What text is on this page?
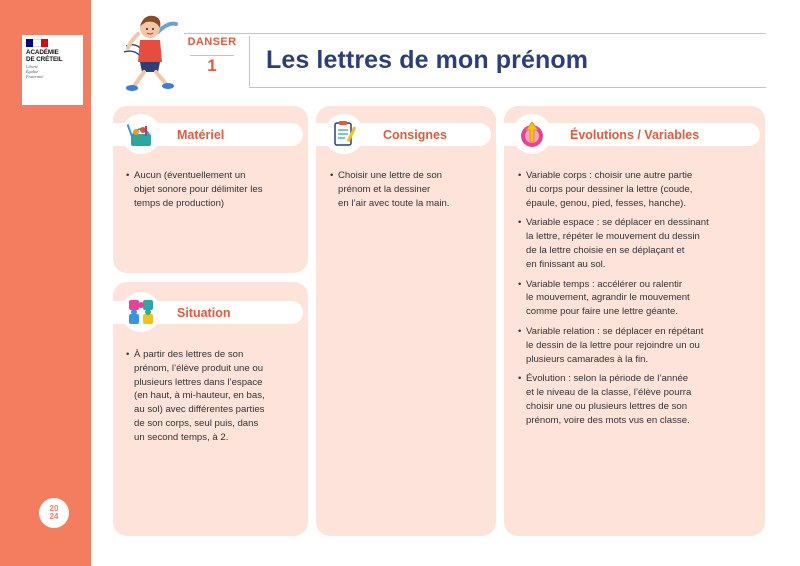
ACADÉMIE
DE CRÉTEIL
Liberté
Égalité
Fraternité
20
24
DANSER
1	Les lettres de mon prénom
Matériel
• Aucun (éventuellement un
objet sonore pour délimiter les
temps de production)
Situation
• À partir des lettres de son
prénom, l’élève produit une ou
plusieurs lettres dans l’espace
(en haut, à mi-hauteur, en bas,
au sol) avec différentes parties
de son corps, seul puis, dans
un second temps, à 2.
Consignes
• Choisir une lettre de son
prénom et la dessiner
en l’air avec toute la main.
Évolutions / Variables
• Variable corps : choisir une autre partie
du corps pour dessiner la lettre (coude,
épaule, genou, pied, fesses, hanche).
• Variable espace : se déplacer en dessinant
la lettre, répéter le mouvement du dessin
de la lettre choisie en se déplaçant et
en finissant au sol.
• Variable temps : accélérer ou ralentir
le mouvement, agrandir le mouvement
comme pour faire une lettre géante.
• Variable relation : se déplacer en répétant
le dessin de la lettre pour rejoindre un ou
plusieurs camarades à la fin.
• Évolution : selon la période de l’année
et le niveau de la classe, l’élève pourra
choisir une ou plusieurs lettres de son
prénom, voire des mots vus en classe.
